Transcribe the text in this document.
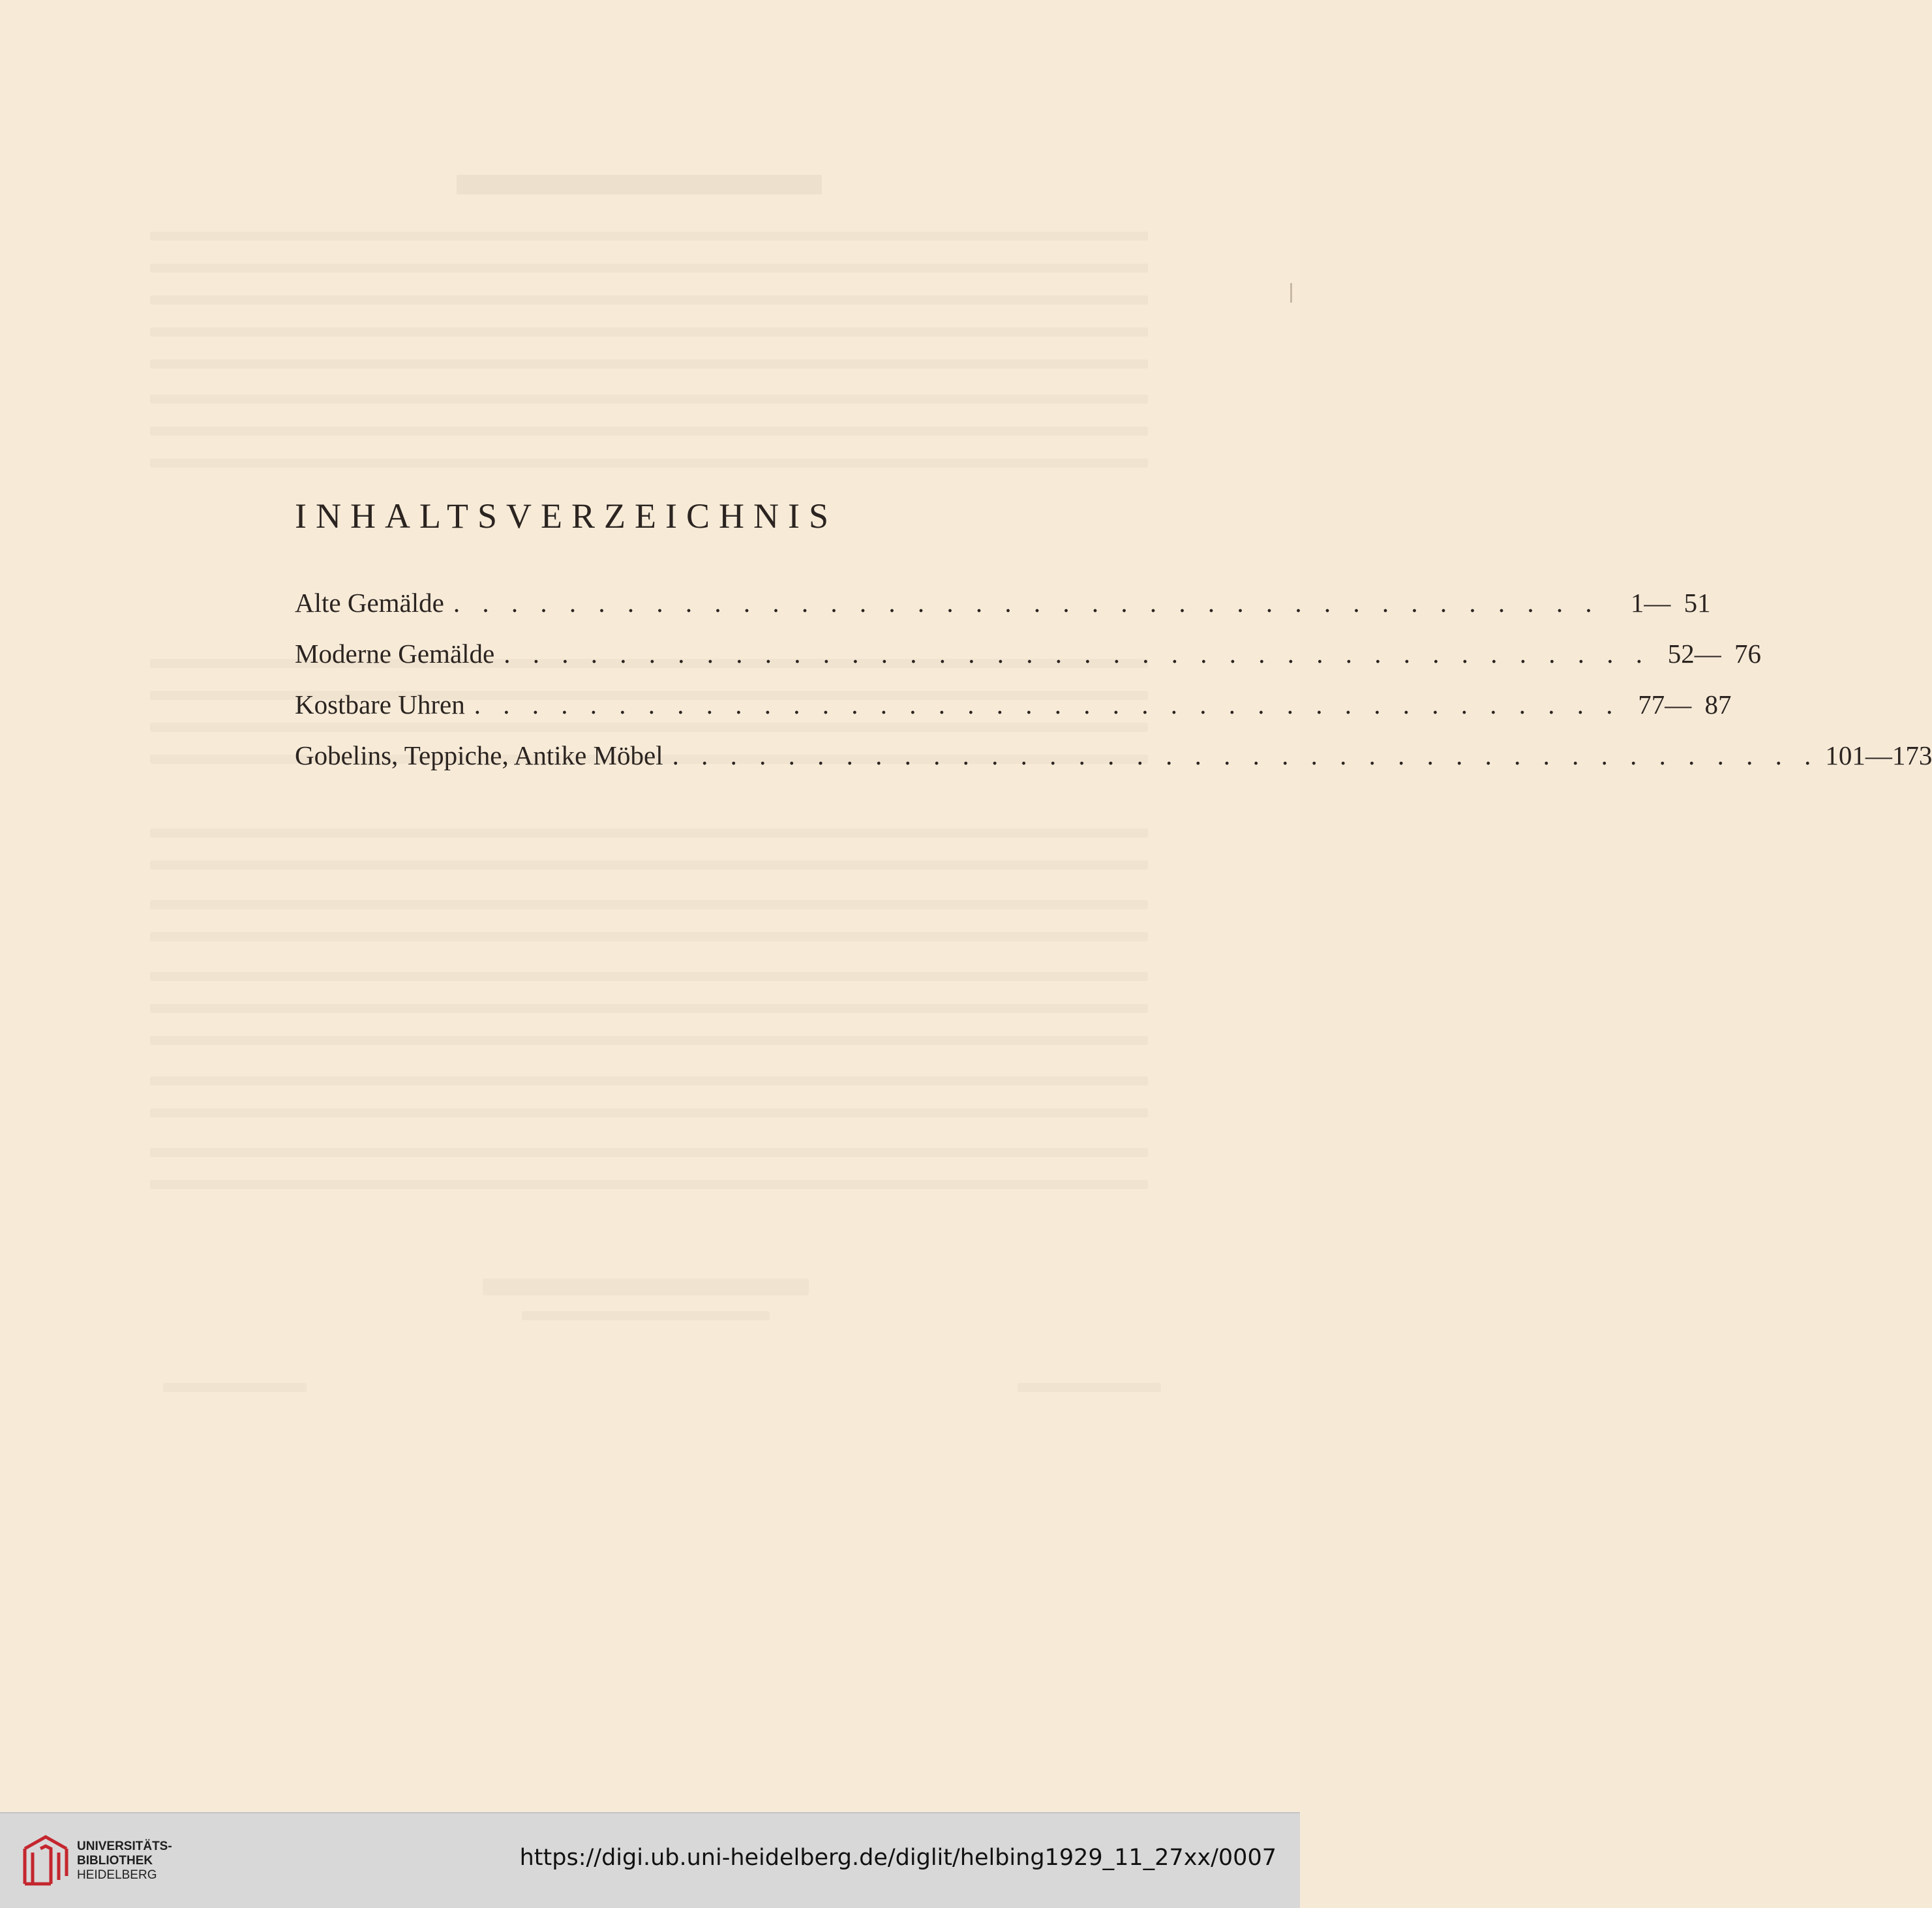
INHALTSVERZEICHNIS
Alte Gemälde . . . . . . . . . . . . . . . . . . . . . . . . . . . . . . . . . . . . . . . .	1— 51
Moderne Gemälde . . . . . . . . . . . . . . . . . . . . . . . . . . . . . . . . . . . . . . . . 52— 76
Kostbare Uhren . . . . . . . . . . . . . . . . . . . . . . . . . . . . . . . . . . . . . . . . 77— 87
Gobelins, Teppiche, Antike Möbel . . . . . . . . . . . . . . . . . . . . . . . . . . . . . . . . . . . . . . . . 101—173
UNIVERSITÄTS-
BIBLIOTHEK
HEIDELBERG
https://digi.ub.uni-heidelberg.de/diglit/helbing1929_11_27xx/0007
